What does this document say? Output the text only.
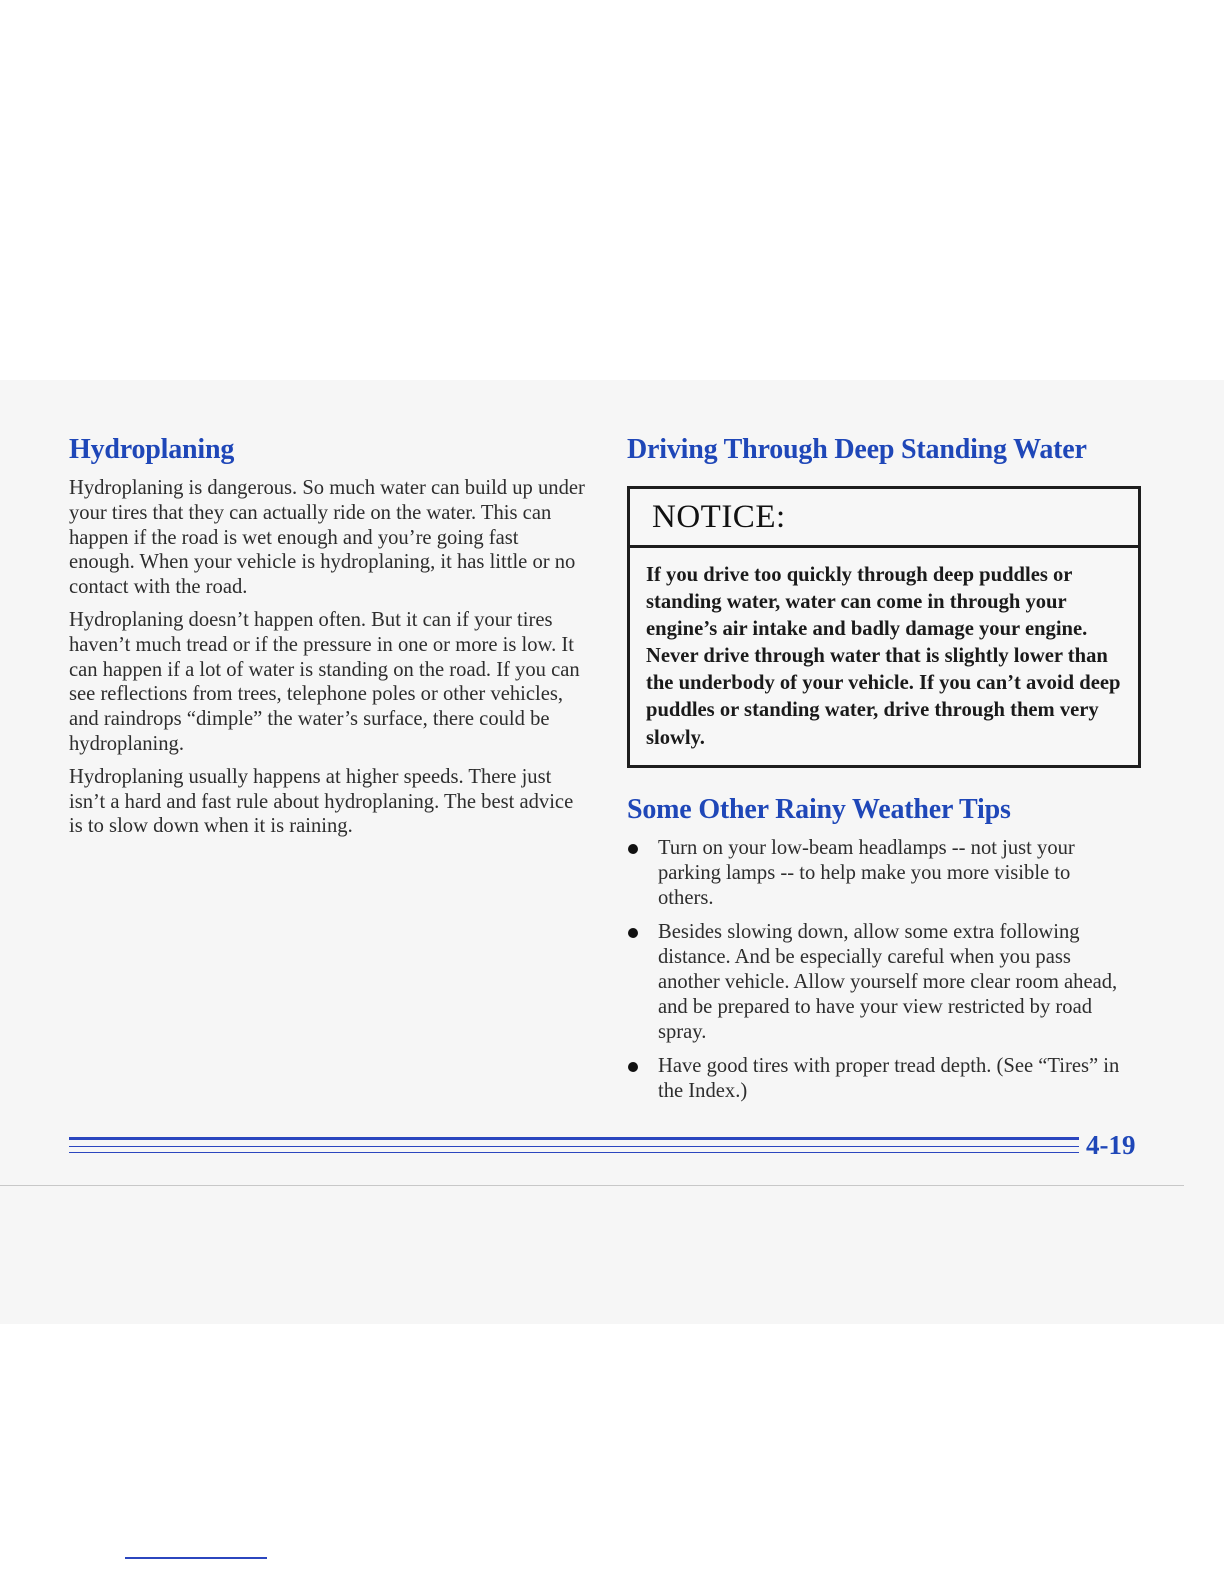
Hydroplaning

Hydroplaning is dangerous. So much water can build up under your tires that they can actually ride on the water. This can happen if the road is wet enough and you’re going fast enough. When your vehicle is hydroplaning, it has little or no contact with the road.

Hydroplaning doesn’t happen often. But it can if your tires haven’t much tread or if the pressure in one or more is low. It can happen if a lot of water is standing on the road. If you can see reflections from trees, telephone poles or other vehicles, and raindrops “dimple” the water’s surface, there could be hydroplaning.

Hydroplaning usually happens at higher speeds. There just isn’t a hard and fast rule about hydroplaning. The best advice is to slow down when it is raining.

Driving Through Deep Standing Water
NOTICE:
If you drive too quickly through deep puddles or standing water, water can come in through your engine’s air intake and badly damage your engine. Never drive through water that is slightly lower than the underbody of your vehicle. If you can’t avoid deep puddles or standing water, drive through them very slowly.
Some Other Rainy Weather Tips
Turn on your low-beam headlamps -- not just your parking lamps -- to help make you more visible to others.
Besides slowing down, allow some extra following distance. And be especially careful when you pass another vehicle. Allow yourself more clear room ahead, and be prepared to have your view restricted by road spray.
Have good tires with proper tread depth. (See “Tires” in the Index.)
4-19
